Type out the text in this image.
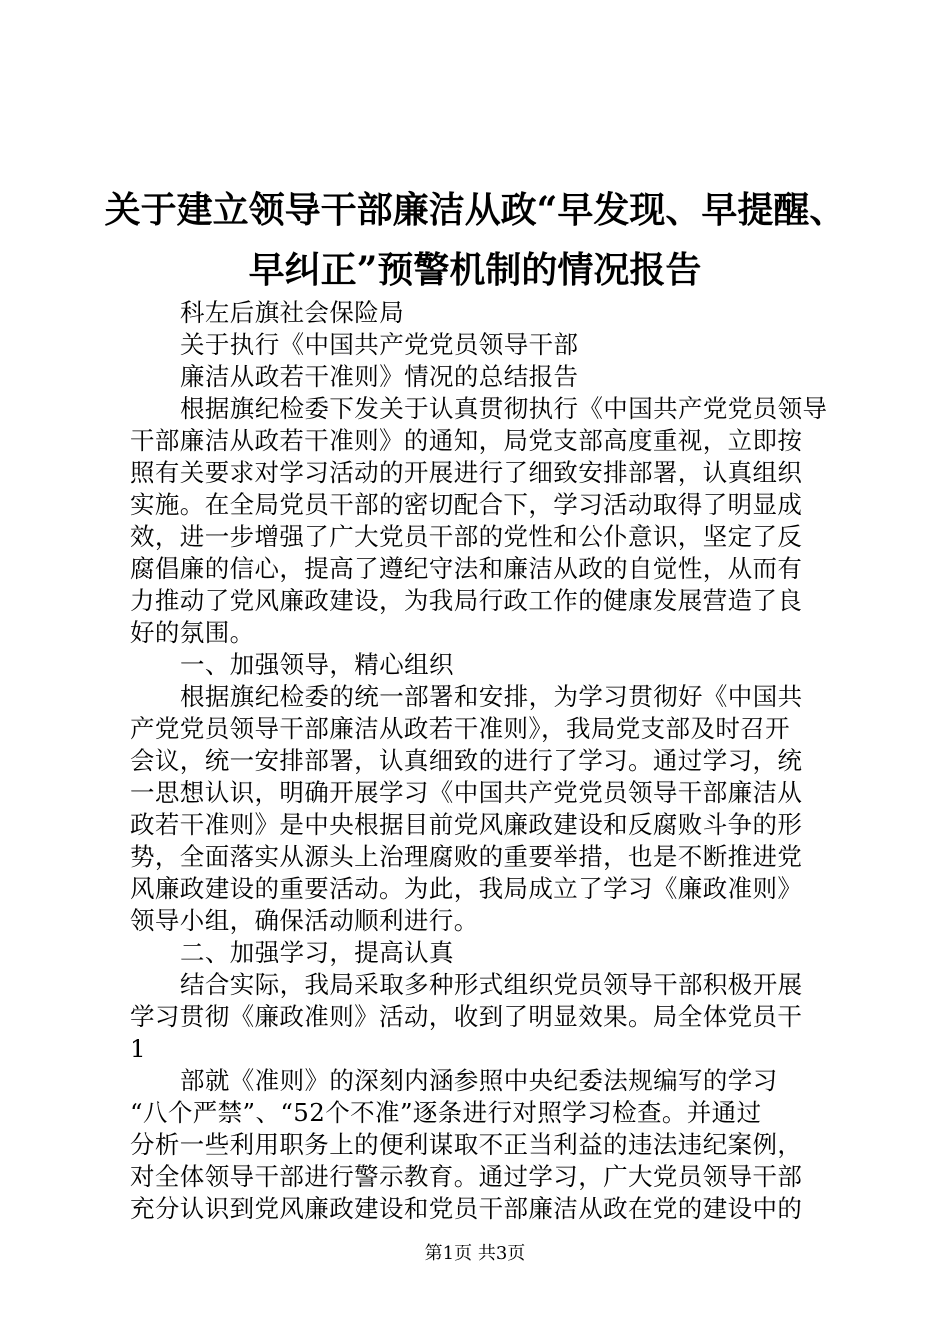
关于建立领导干部廉洁从政“早发现、早提醒、
早纠正”预警机制的情况报告
科左后旗社会保险局
关于执行《中国共产党党员领导干部
廉洁从政若干准则》情况的总结报告
根据旗纪检委下发关于认真贯彻执行《中国共产党党员领导
干部廉洁从政若干准则》的通知，局党支部高度重视，立即按
照有关要求对学习活动的开展进行了细致安排部署，认真组织
实施。在全局党员干部的密切配合下，学习活动取得了明显成
效，进一步增强了广大党员干部的党性和公仆意识，坚定了反
腐倡廉的信心，提高了遵纪守法和廉洁从政的自觉性，从而有
力推动了党风廉政建设，为我局行政工作的健康发展营造了良
好的氛围。
一、加强领导，精心组织
根据旗纪检委的统一部署和安排，为学习贯彻好《中国共
产党党员领导干部廉洁从政若干准则》，我局党支部及时召开
会议，统一安排部署，认真细致的进行了学习。通过学习，统
一思想认识，明确开展学习《中国共产党党员领导干部廉洁从
政若干准则》是中央根据目前党风廉政建设和反腐败斗争的形
势，全面落实从源头上治理腐败的重要举措，也是不断推进党
风廉政建设的重要活动。为此，我局成立了学习《廉政准则》
领导小组，确保活动顺利进行。
二、加强学习，提高认真
结合实际，我局采取多种形式组织党员领导干部积极开展
学习贯彻《廉政准则》活动，收到了明显效果。局全体党员干
1
部就《准则》的深刻内涵参照中央纪委法规编写的学习
“八个严禁”、“52个不准”逐条进行对照学习检查。并通过
分析一些利用职务上的便利谋取不正当利益的违法违纪案例，
对全体领导干部进行警示教育。通过学习，广大党员领导干部
充分认识到党风廉政建设和党员干部廉洁从政在党的建设中的
第1页 共3页
